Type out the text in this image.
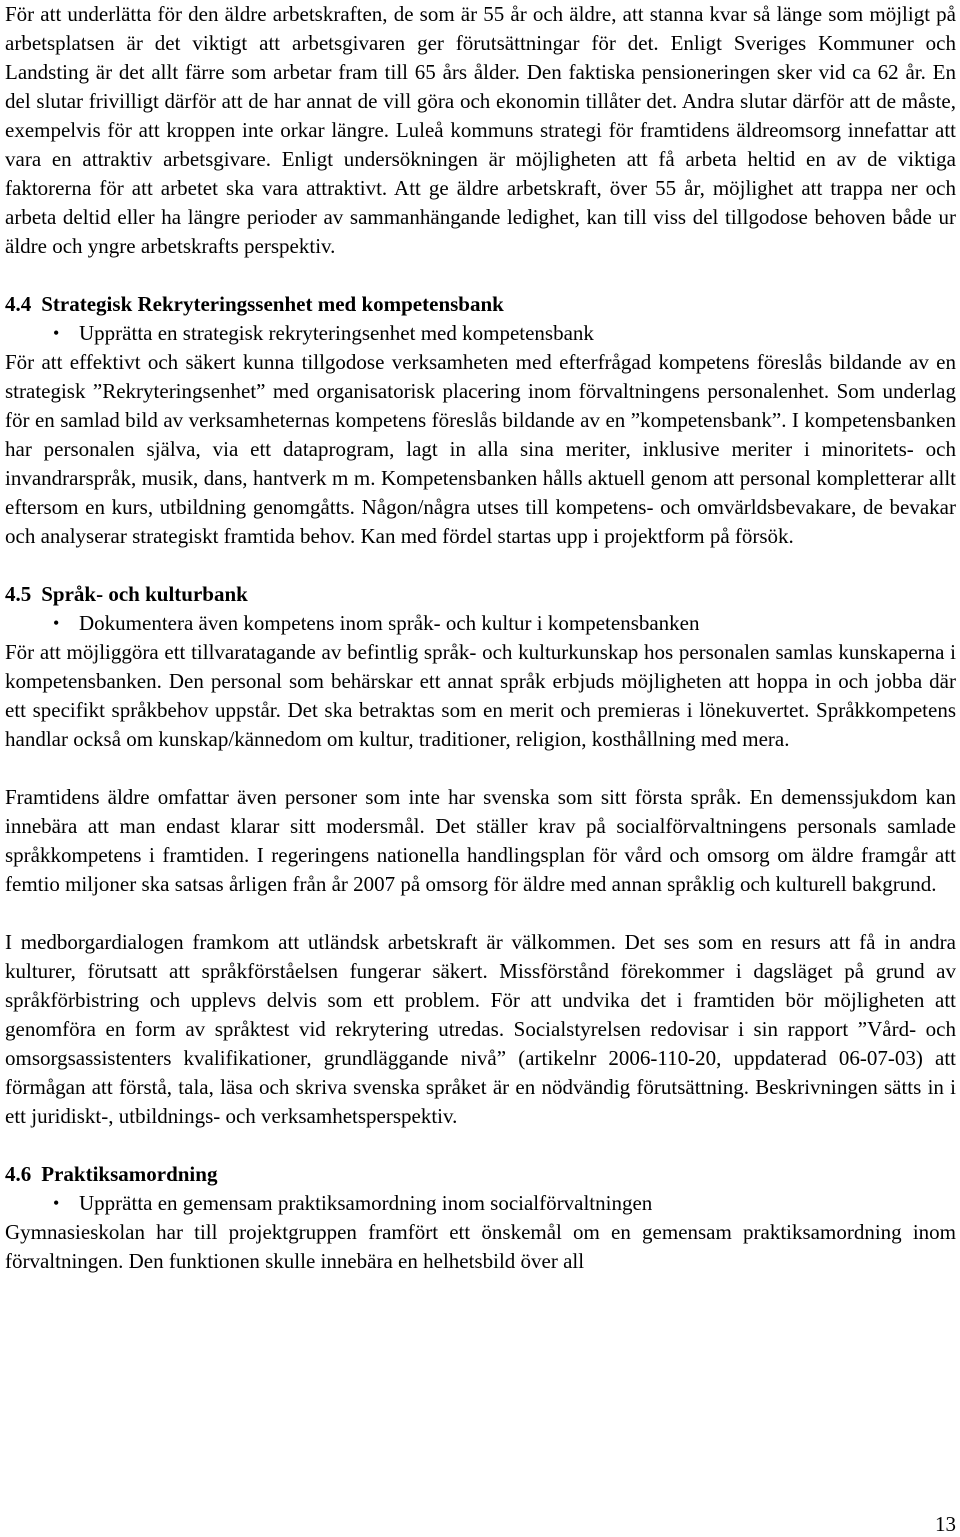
För att underlätta för den äldre arbetskraften, de som är 55 år och äldre, att stanna kvar så länge som möjligt på arbetsplatsen är det viktigt att arbetsgivaren ger förutsättningar för det. Enligt Sveriges Kommuner och Landsting är det allt färre som arbetar fram till 65 års ålder. Den faktiska pensioneringen sker vid ca 62 år. En del slutar frivilligt därför att de har annat de vill göra och ekonomin tillåter det. Andra slutar därför att de måste, exempelvis för att kroppen inte orkar längre. Luleå kommuns strategi för framtidens äldreomsorg innefattar att vara en attraktiv arbetsgivare. Enligt undersökningen är möjligheten att få arbeta heltid en av de viktiga faktorerna för att arbetet ska vara attraktivt. Att ge äldre arbetskraft, över 55 år, möjlighet att trappa ner och arbeta deltid eller ha längre perioder av sammanhängande ledighet, kan till viss del tillgodose behoven både ur äldre och yngre arbetskrafts perspektiv.

4.4 Strategisk Rekryteringssenhet med kompetensbank
• Upprätta en strategisk rekryteringsenhet med kompetensbank

För att effektivt och säkert kunna tillgodose verksamheten med efterfrågad kompetens föreslås bildande av en strategisk ”Rekryteringsenhet” med organisatorisk placering inom förvaltningens personalenhet. Som underlag för en samlad bild av verksamheternas kompetens föreslås bildande av en ”kompetensbank”. I kompetensbanken har personalen själva, via ett dataprogram, lagt in alla sina meriter, inklusive meriter i minoritets- och invandrarspråk, musik, dans, hantverk m m. Kompetensbanken hålls aktuell genom att personal kompletterar allt eftersom en kurs, utbildning genomgåtts. Någon/några utses till kompetens- och omvärldsbevakare, de bevakar och analyserar strategiskt framtida behov. Kan med fördel startas upp i projektform på försök.

4.5 Språk- och kulturbank
• Dokumentera även kompetens inom språk- och kultur i kompetensbanken

För att möjliggöra ett tillvaratagande av befintlig språk- och kulturkunskap hos personalen samlas kunskaperna i kompetensbanken. Den personal som behärskar ett annat språk erbjuds möjligheten att hoppa in och jobba där ett specifikt språkbehov uppstår. Det ska betraktas som en merit och premieras i lönekuvertet. Språkkompetens handlar också om kunskap/kännedom om kultur, traditioner, religion, kosthållning med mera.

Framtidens äldre omfattar även personer som inte har svenska som sitt första språk. En demenssjukdom kan innebära att man endast klarar sitt modersmål. Det ställer krav på socialförvaltningens personals samlade språkkompetens i framtiden. I regeringens nationella handlingsplan för vård och omsorg om äldre framgår att femtio miljoner ska satsas årligen från år 2007 på omsorg för äldre med annan språklig och kulturell bakgrund.

I medborgardialogen framkom att utländsk arbetskraft är välkommen. Det ses som en resurs att få in andra kulturer, förutsatt att språkförståelsen fungerar säkert. Missförstånd förekommer i dagsläget på grund av språkförbistring och upplevs delvis som ett problem. För att undvika det i framtiden bör möjligheten att genomföra en form av språktest vid rekrytering utredas. Socialstyrelsen redovisar i sin rapport ”Vård- och omsorgsassistenters kvalifikationer, grundläggande nivå” (artikelnr 2006-110-20, uppdaterad 06-07-03) att förmågan att förstå, tala, läsa och skriva svenska språket är en nödvändig förutsättning. Beskrivningen sätts in i ett juridiskt-, utbildnings- och verksamhetsperspektiv.

4.6 Praktiksamordning
• Upprätta en gemensam praktiksamordning inom socialförvaltningen

Gymnasieskolan har till projektgruppen framfört ett önskemål om en gemensam praktiksamordning inom förvaltningen. Den funktionen skulle innebära en helhetsbild över all

13
